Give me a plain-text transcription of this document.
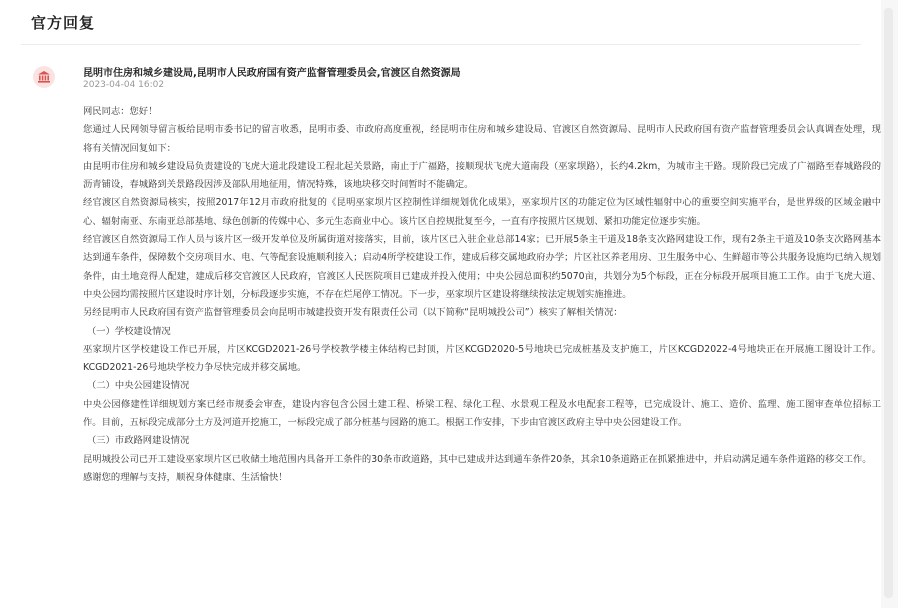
官方回复
昆明市住房和城乡建设局,昆明市人民政府国有资产监督管理委员会,官渡区自然资源局
2023-04-04 16:02

网民同志：您好！

您通过人民网领导留言板给昆明市委书记的留言收悉，昆明市委、市政府高度重视，经昆明市住房和城乡建设局、官渡区自然资源局、昆明市人民政府国有资产监督管理委员会认真调查处理，现将有关情况回复如下：

由昆明市住房和城乡建设局负责建设的飞虎大道北段建设工程北起关景路，南止于广福路，接顺现状飞虎大道南段（巫家坝路），长约4.2km，为城市主干路。现阶段已完成了广福路至春城路段的沥青铺设，春城路到关景路段因涉及部队用地征用，情况特殊，该地块移交时间暂时不能确定。

经官渡区自然资源局核实，按照2017年12月市政府批复的《昆明巫家坝片区控制性详细规划优化成果》，巫家坝片区的功能定位为区域性辐射中心的重要空间实施平台，是世界级的区域金融中心、辐射南亚、东南亚总部基地、绿色创新的传媒中心、多元生态商业中心。该片区自控规批复至今，一直有序按照片区规划、紧扣功能定位逐步实施。

经官渡区自然资源局工作人员与该片区一级开发单位及所属街道对接落实，目前，该片区已入驻企业总部14家；已开展5条主干道及18条支次路网建设工作，现有2条主干道及10条支次路网基本达到通车条件，保障数个交房项目水、电、气等配套设施顺利接入；启动4所学校建设工作，建成后移交属地政府办学；片区社区养老用房、卫生服务中心、生鲜超市等公共服务设施均已纳入规划条件，由土地竞得人配建，建成后移交官渡区人民政府，官渡区人民医院项目已建成并投入使用；中央公园总面积约5070亩，共划分为5个标段，正在分标段开展项目施工工作。由于飞虎大道、中央公园均需按照片区建设时序计划，分标段逐步实施，不存在烂尾停工情况。下一步，巫家坝片区建设将继续按法定规划实施推进。

另经昆明市人民政府国有资产监督管理委员会向昆明市城建投资开发有限责任公司（以下简称“昆明城投公司”）核实了解相关情况：

（一）学校建设情况

巫家坝片区学校建设工作已开展，片区KCGD2021-26号学校教学楼主体结构已封顶，片区KCGD2020-5号地块已完成桩基及支护施工，片区KCGD2022-4号地块正在开展施工图设计工作。KCGD2021-26号地块学校力争尽快完成并移交属地。

（二）中央公园建设情况

中央公园修建性详细规划方案已经市规委会审查，建设内容包含公园土建工程、桥梁工程、绿化工程、水景观工程及水电配套工程等，已完成设计、施工、造价、监理、施工图审查单位招标工作。目前，五标段完成部分土方及河道开挖施工，一标段完成了部分桩基与园路的施工。根据工作安排，下步由官渡区政府主导中央公园建设工作。

（三）市政路网建设情况

昆明城投公司已开工建设巫家坝片区已收储土地范围内具备开工条件的30条市政道路，其中已建成并达到通车条件20条，其余10条道路正在抓紧推进中，并启动满足通车条件道路的移交工作。

感谢您的理解与支持，顺祝身体健康、生活愉快！
